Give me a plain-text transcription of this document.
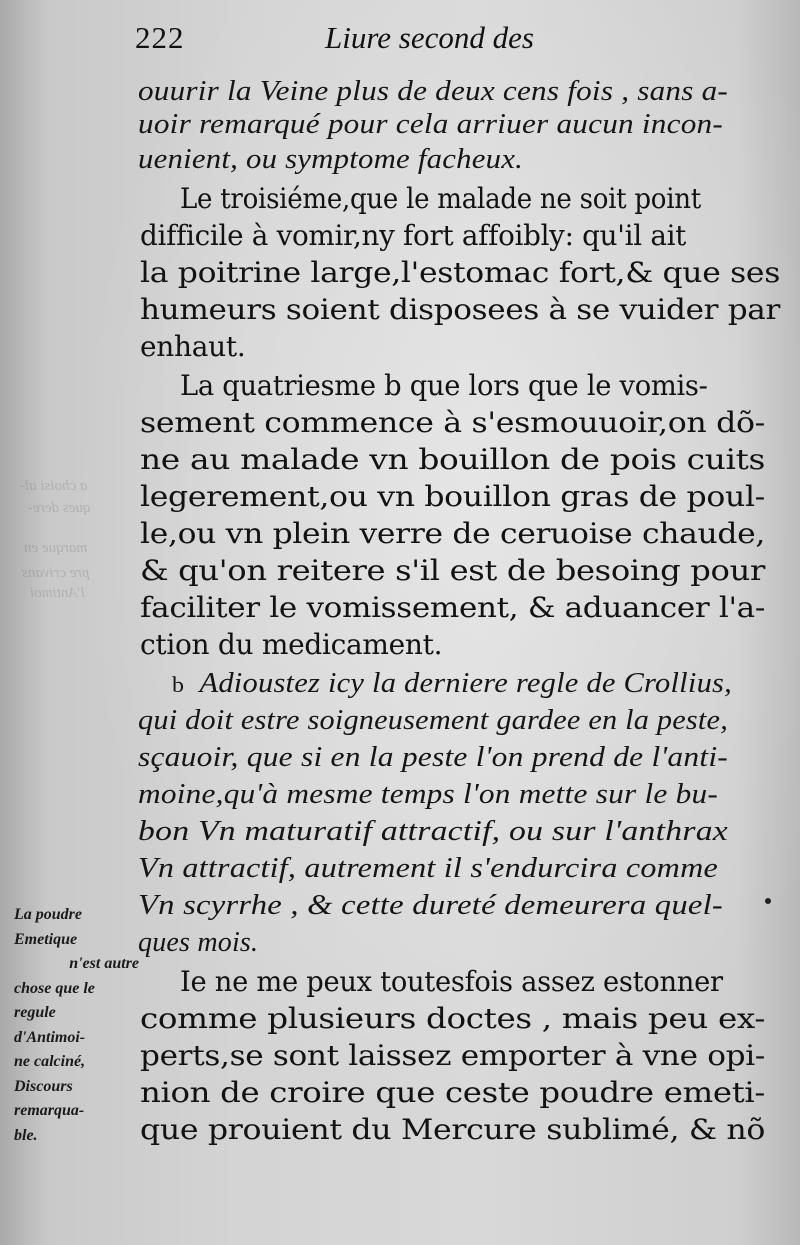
a choisi al-
ques dere-
marque en
pre crivans
l'Antimoi
222	Liure second des

ouurir la Veine plus de deux cens fois , sans a-

uoir remarqué pour cela arriuer aucun incon-

uenient, ou symptome facheux.

Le troisiéme,que le malade ne soit point

difficile à vomir,ny fort affoibly: qu'il ait

la poitrine large,l'estomac fort,& que ses

humeurs soient disposees à se vuider par

enhaut.

La quatriesme b que lors que le vomis-

sement commence à s'esmouuoir,on dõ-

ne au malade vn bouillon de pois cuits

legerement,ou vn bouillon gras de poul-

le,ou vn plein verre de ceruoise chaude,

& qu'on reitere s'il est de besoing pour

faciliter le vomissement, & aduancer l'a-

ction du medicament.

b Adioustez icy la derniere regle de Crollius,

qui doit estre soigneusement gardee en la peste,

sçauoir, que si en la peste l'on prend de l'anti-

moine,qu'à mesme temps l'on mette sur le bu-

bon Vn maturatif attractif, ou sur l'anthrax

Vn attractif, autrement il s'endurcira comme

Vn scyrrhe , & cette dureté demeurera quel-

ques mois.

Ie ne me peux toutesfois assez estonner

comme plusieurs doctes , mais peu ex-

perts,se sont laissez emporter à vne opi-

nion de croire que ceste poudre emeti-

que prouient du Mercure sublimé, & nõ

La poudre
Emetique
n'est autre
chose que le
regule
d'Antimoi-
ne calciné,
Discours
remarqua-
ble.
